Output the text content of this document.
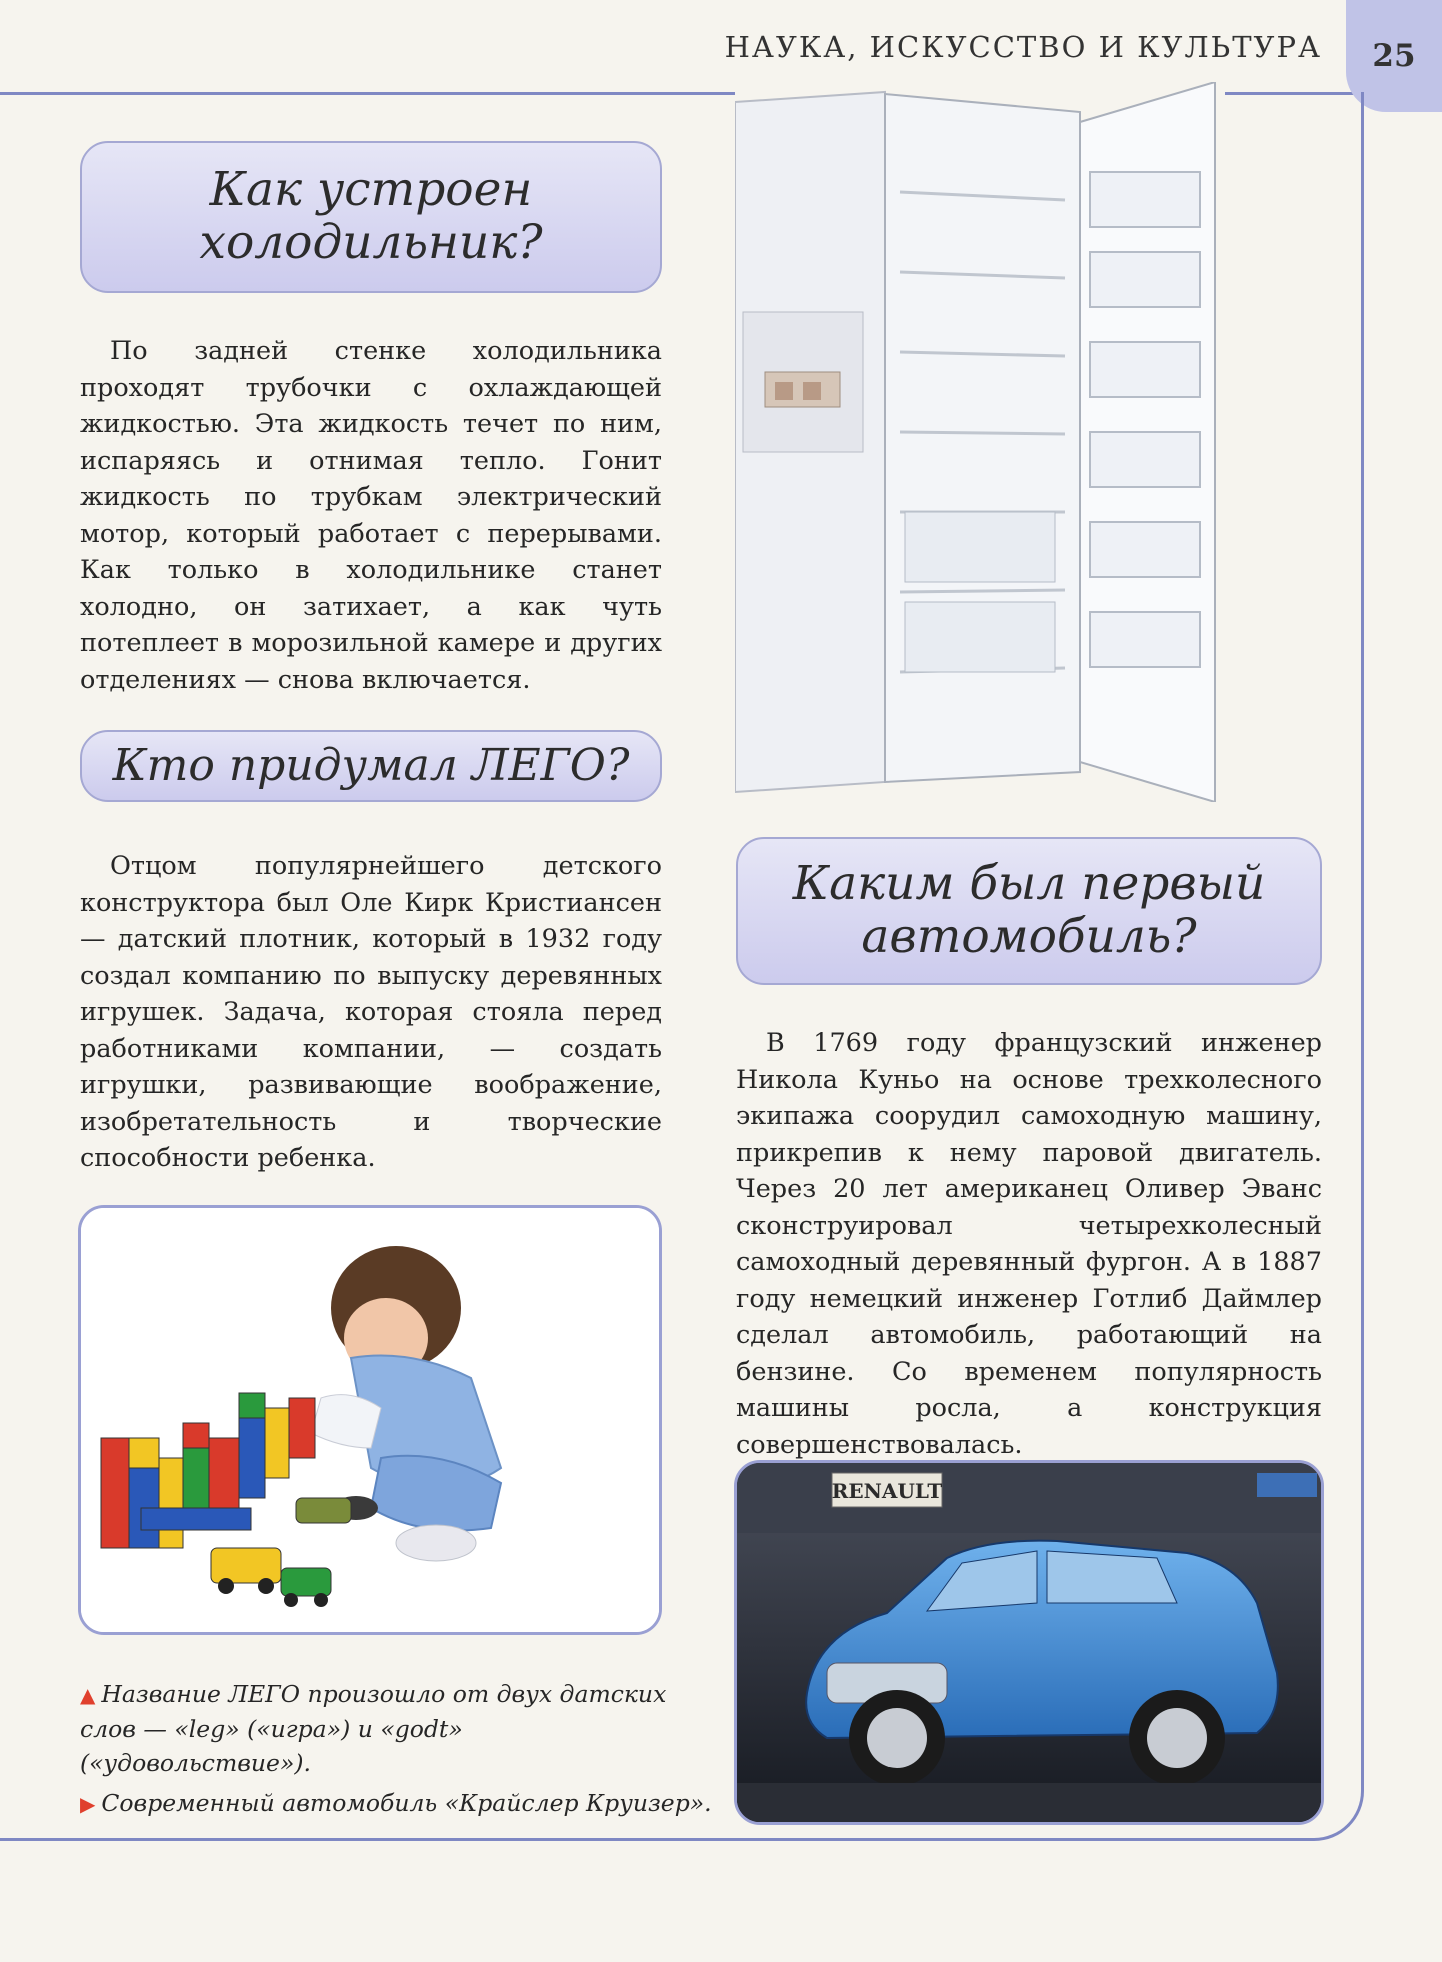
НАУКА, ИСКУССТВО И КУЛЬТУРА	25
Как устроен холодильник?

По задней стенке холодильника проходят трубочки с охлаждающей жидкостью. Эта жидкость течет по ним, испаряясь и отнимая тепло. Гонит жидкость по трубкам электрический мотор, который работает с перерывами. Как только в холодильнике станет холодно, он затихает, а как чуть потеплеет в морозильной камере и других отделениях — снова включается.

Кто придумал ЛЕГО?

Отцом популярнейшего детского конструктора был Оле Кирк Кристиансен — датский плотник, который в 1932 году создал компанию по выпуску деревянных игрушек. Задача, которая стояла перед работниками компании, — создать игрушки, развивающие воображение, изобретательность и творческие способности ребенка.

▲ Название ЛЕГО произошло от двух датских слов — «leg» («игра») и «godt» («удовольствие»).
▶ Современный автомобиль «Крайслер Круизер».
Каким был первый автомобиль?

В 1769 году французский инженер Никола Куньо на основе трехколесного экипажа соорудил самоходную машину, прикрепив к нему паровой двигатель. Через 20 лет американец Оливер Эванс сконструировал четырехколесный самоходный деревянный фургон. А в 1887 году немецкий инженер Готлиб Даймлер сделал автомобиль, работающий на бензине. Со временем популярность машины росла, а конструкция совершенствовалась.

RENAULT
